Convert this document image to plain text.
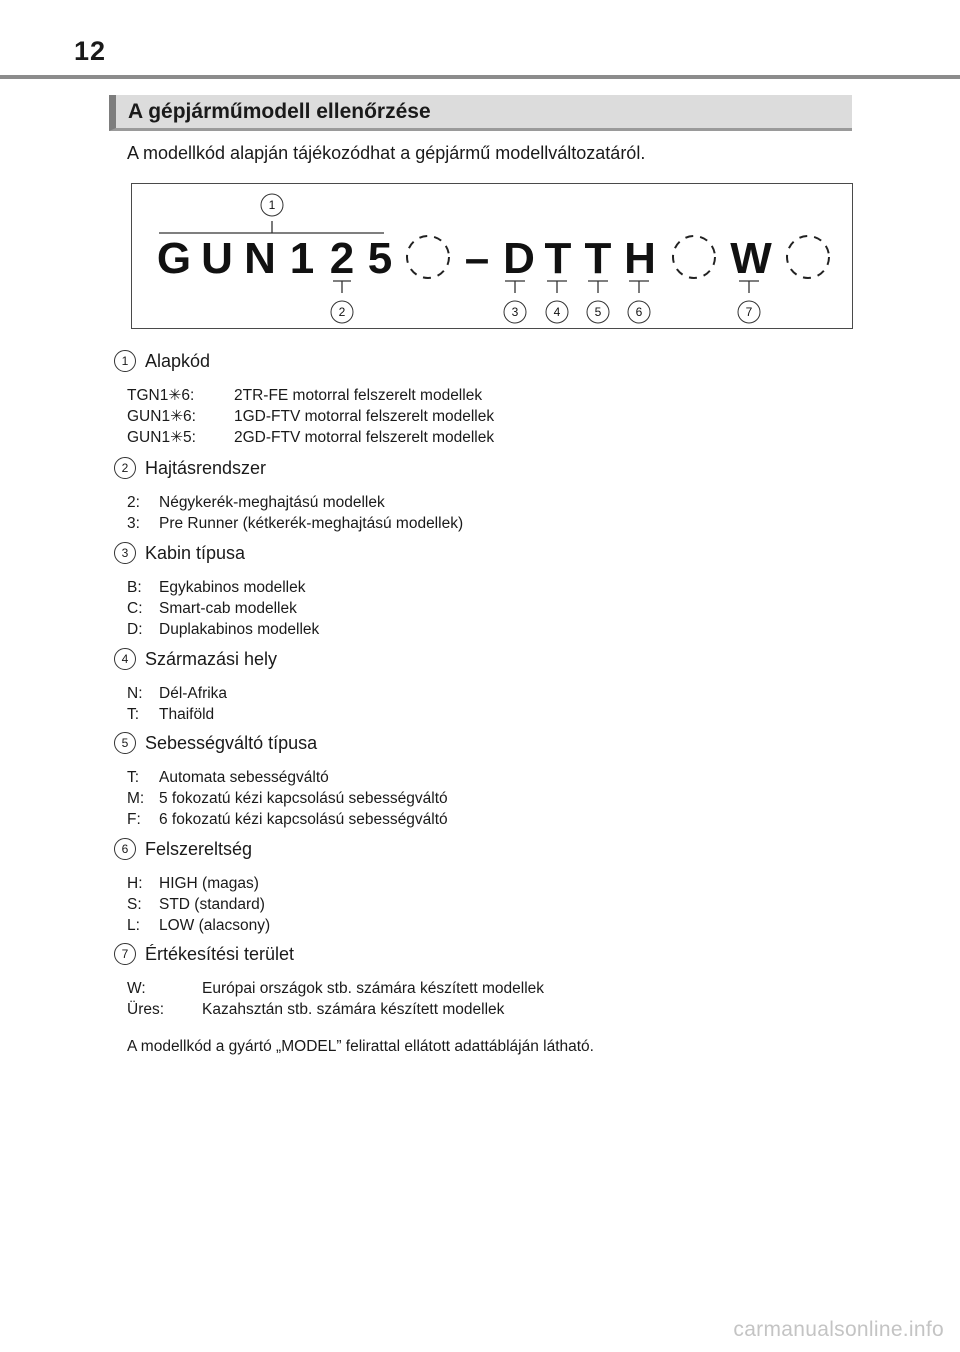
12
A gépjárműmodell ellenőrzése
A modellkód alapján tájékozódhat a gépjármű modellváltozatáról.
1
G U N 1 2 5 – D T T H W
2	3	4	5	6	7
1 Alapkód
TGN1✳6:	2TR-FE motorral felszerelt modellek
GUN1✳6:	1GD-FTV motorral felszerelt modellek
GUN1✳5:	2GD-FTV motorral felszerelt modellek
2 Hajtásrendszer
2:	Négykerék-meghajtású modellek
3:	Pre Runner (kétkerék-meghajtású modellek)
3 Kabin típusa
B:	Egykabinos modellek
C:	Smart-cab modellek
D:	Duplakabinos modellek
4 Származási hely
N:	Dél-Afrika
T:	Thaiföld
5 Sebességváltó típusa
T:	Automata sebességváltó
M: 5 fokozatú kézi kapcsolású sebességváltó
F:	6 fokozatú kézi kapcsolású sebességváltó
6 Felszereltség
H:	HIGH (magas)
S:	STD (standard)
L:	LOW (alacsony)
7 Értékesítési terület
W:	Európai országok stb. számára készített modellek
Üres:	Kazahsztán stb. számára készített modellek
A modellkód a gyártó „MODEL” felirattal ellátott adattábláján látható.
carmanualsonline.info
